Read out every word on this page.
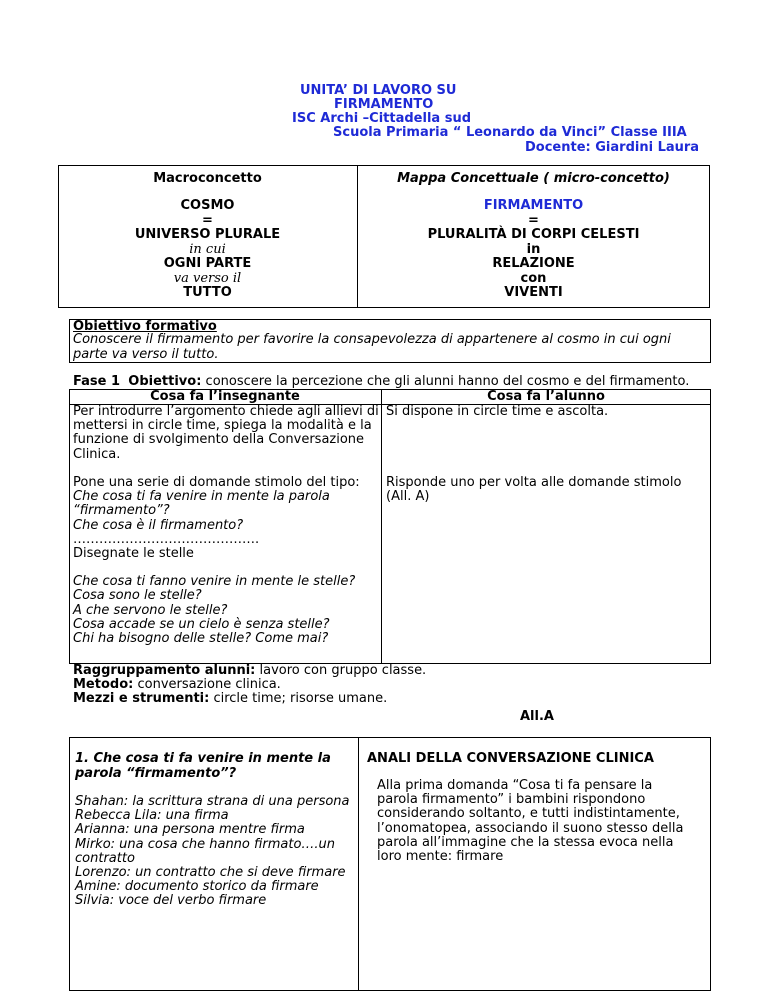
UNITA’ DI LAVORO SU
FIRMAMENTO
ISC Archi –Cittadella sud
Scuola Primaria “ Leonardo da Vinci” Classe IIIA
Docente: Giardini Laura
Macroconcetto	Mappa Concettuale ( micro-concetto)
COSMO
=
UNIVERSO PLURALE
in cui
OGNI PARTE
va verso il
TUTTO
FIRMAMENTO
=
PLURALITÀ DI CORPI CELESTI
in
RELAZIONE
con
VIVENTI
Obiettivo formativo
Conoscere il firmamento per favorire la consapevolezza di appartenere al cosmo in cui ogni parte va verso il tutto.
Fase 1 Obiettivo: conoscere la percezione che gli alunni hanno del cosmo e del firmamento.
Cosa fa l’insegnante	Cosa fa l’alunno
Per introdurre l’argomento chiede agli allievi di mettersi in circle time, spiega la modalità e la funzione di svolgimento della Conversazione Clinica.
Si dispone in circle time e ascolta.
Pone una serie di domande stimolo del tipo:
Che cosa ti fa venire in mente la parola “firmamento”?
Che cosa è il firmamento?
…………………………………….
Disegnate le stelle
Che cosa ti fanno venire in mente le stelle?
Cosa sono le stelle?
A che servono le stelle?
Cosa accade se un cielo è senza stelle?
Chi ha bisogno delle stelle? Come mai?
Risponde uno per volta alle domande stimolo (All. A)
Raggruppamento alunni: lavoro con gruppo classe.
Metodo: conversazione clinica.
Mezzi e strumenti: circle time; risorse umane.
All.A
1. Che cosa ti fa venire in mente la parola “firmamento”?
Shahan: la scrittura strana di una persona
Rebecca Lila: una firma
Arianna: una persona mentre firma
Mirko: una cosa che hanno firmato….un contratto
Lorenzo: un contratto che si deve firmare
Amine: documento storico da firmare
Silvia: voce del verbo firmare
ANALI DELLA CONVERSAZIONE CLINICA
Alla prima domanda “Cosa ti fa pensare la parola firmamento” i bambini rispondono considerando soltanto, e tutti indistintamente, l’onomatopea, associando il suono stesso della parola all’immagine che la stessa evoca nella loro mente: firmare
